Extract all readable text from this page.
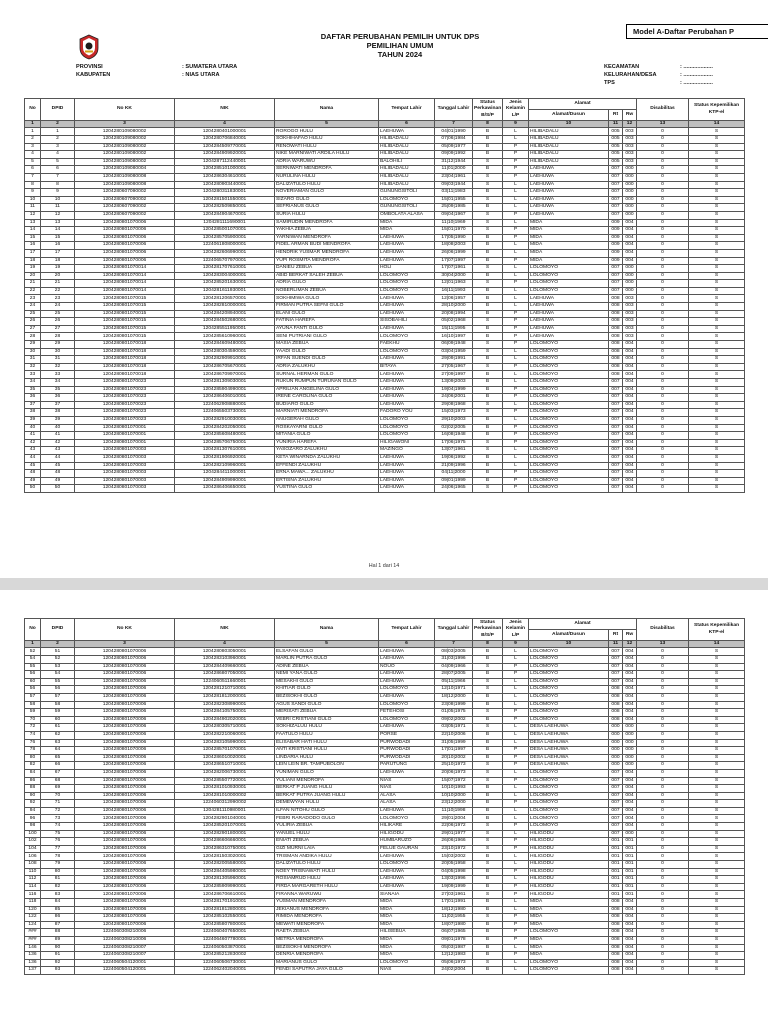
Model A-Daftar Perubahan P
DAFTAR PERUBAHAN PEMILIH UNTUK DPS
PEMILIHAN UMUM
TAHUN 2024
PROVINSI	: SUMATERA UTARA
KABUPATEN	: NIAS UTARA
KECAMATAN	: ...................
KELURAHAN/DESA	: ...................
TPS	: ...................
No	DPID	No KK	NIK	Nama	Tempat Lahir	Tanggal Lahir	Status Perkawinan B/S/P	Jenis Kelamin L/P	Alamat			Disabilitas	Status Kepemilikan KTP-el
									Alamat/Dusun	Rt	Rw		
1	2	3	4	5	6	7	8	9	10	11	12	13	14
1	1	1204280109080002	1204280401000001	ROROGO HULU	LAEHUWA	04|01|1990	B	L	HILIBADALU	005	003	0	S
2	2	1204280109080002	1204280706840001	SOKHIHAFAO HULU	HILIBADALU	07|06|1984	B	L	HILIBADALU	005	003	0	S
3	3	1204280109080002	1204284509770001	RENOWATI HULU	HILIBADALU	05|09|1977	B	P	HILIBADALU	005	003	0	S
4	4	1204280109080002	1204284909920001	NIKE MARNIWATI ARDILA HULU	HILIBADALU	09|09|1992	B	P	HILIBADALU	005	003	0	S
5	5	1204280109080002	1204287112440001	ADRIA WARUWU	BALOHILI	31|12|1944	S	P	HILIBADALU	005	003	0	S
6	6	1204280109080004	1204285101000001	SERNIWATI MENDROFA	HILIBADALU	11|01|2000	B	P	LAEHUWA	007	000	0	S
7	7	1204280109080008	1204286304610001	NURULINA HULU	HILIBADALU	23|04|1961	S	P	LAEHUWA	007	000	0	S
8	8	1204280109080008	1204280903440001	DALIZATULO HULU	HILIBADALU	09|03|1944	S	L	LAEHUWA	007	000	0	S
9	9	1204280607090002	1204280311830001	NOVERIAMAN GULO	GUNUNGSITOLI	03|11|1983	B	L	LAEHUWA	007	000	0	S
10	10	1204280607090002	1204281501550001	SIZARO GULO	LOLOMOYO	15|01|1955	S	L	LAEHUWA	007	000	0	S
11	11	1204280607090002	1204282509850001	SEFRIANUS GULO	GUNUNGSITOLI	25|09|1985	B	L	LAEHUWA	007	000	0	S
12	12	1204280607090002	1204284904670001	SURIA HULU	OMBOLATA ALASA	09|04|1967	S	P	LAEHUWA	007	000	0	S
13	13	1204280801070006	1204281111690001	SAMIRUDIN MENDROFA	MIDA	11|10|1969	S	L	MIDA	009	004	0	S
14	14	1204280801070006	1204285001070001	YAKHIA ZEBUA	MIDA	15|01|1970	S	P	MIDA	009	004	0	S
15	15	1204280801070006	1204285705900001	YARNIWAN MENDROFA	LAEHUWA	17|05|1990	B	P	MIDA	009	004	0	S
16	16	1204280801070006	1224061808000001	FIDEL ARMAN BUDI MENDROFA	LAEHUWA	18|08|2003	B	L	MIDA	009	004	0	S
17	17	1204280801070006	1204282606990001	HENDRIK YUSMAR MENDROFA	LAEHUWA	26|06|1999	B	L	MIDA	009	004	0	S
18	18	1204280801070006	1224065707970001	YUPI ROSMITA MENDROFA	LAEHUWA	17|07|1997	B	P	MIDA	009	004	0	S
19	19	1204280801070014	1204281707610001	DANIEU ZEBUA	HOLI	17|07|1961	S	L	LOLOMOYO	007	000	0	S
20	20	1204280801070014	1204283004000001	ABID BERKAT SALEH ZEBUA	LOLOMOYO	30|04|2000	B	L	LOLOMOYO	007	000	0	S
21	21	1204280801070014	1204285201630001	ADRIA GULO	LOLOMOYO	12|01|1963	S	P	LOLOMOYO	007	000	0	S
22	22	1204280801070014	1204281611930001	NOBERLIMAN ZEBUA	LOLOMOYO	16|11|1993	B	L	LOLOMOYO	007	000	0	S
23	23	1204280801070015	1204281206570001	SOKHIMIWA GULO	LAEHUWA	12|06|1957	B	L	LAEHUWA	008	003	0	S
24	24	1204280801070015	1204282810000001	FIRMAN PUTRA SEFNI GULO	LAEHUWA	28|10|2000	B	L	LAEHUWA	008	003	0	S
25	25	1204280801070015	1204284208940001	ELANI GULO	LAEHUWA	20|08|1994	B	P	LAEHUWA	008	003	0	S
26	26	1204280801070015	1204284502680001	FATINIA HAREFA	SISOBAHILI	05|02|1968	S	P	LAEHUWA	008	003	0	S
27	27	1204280801070015	1204285511950001	AYUNA FANTI GULO	LAEHUWA	15|11|1995	B	P	LAEHUWA	008	003	0	S
28	28	1204280801070015	1204285610960001	SENI PUTRIANI GULO	LOLOMOYO	16|10|1997	B	P	LAEHUWA	008	003	0	S
29	29	1204280801070018	1204284609480001	MASIA ZEBUA	FAEKHU	06|09|1948	S	P	LOLOMOYO	008	004	0	S
30	30	1204280801070018	1204280304590001	YAADI GULO	LOLOMOYO	03|04|1959	S	L	LOLOMOYO	008	004	0	S
31	31	1204280801070018	1204282909910001	IRFAN SUENDI GULO	LAEHUWA	29|09|1991	B	L	LOLOMOYO	008	004	0	S
32	32	1204280801070018	1204286705670001	ADRIA ZALUKHU	BITAYA	27|05|1967	S	P	LOLOMOYO	008	004	0	S
33	33	1204280801070018	1204286709970001	SURNAL HERMAN GULO	LAEHUWA	27|09|1997	B	L	LOLOMOYO	008	004	0	S
34	34	1204280801070023	1204281309030001	RUKUN RUMPUN TURUNAN GULO	LAEHUWA	13|09|2003	B	L	LOLOMOYO	007	004	0	S
35	35	1204280801070023	1204285904990001	APRILIAN ANGELINA GULO	LAEHUWA	19|04|1999	B	P	LOLOMOYO	007	004	0	S
36	36	1204280801070023	1204286406010001	IRENE CAROLINA GULO	LAEHUWA	24|06|2001	B	P	LOLOMOYO	007	004	0	S
37	37	1204280801070023	1224062908880001	BUDIARO GULO	LAEHUWA	29|08|1968	S	L	LOLOMOYO	007	004	0	S
38	38	1204280801070023	1224065503730001	MARNIATI MENDROFA	FADORO YOU	15|03|1973	S	P	LOLOMOYO	007	004	0	S
39	39	1204280801070023	1204282910030001	ANUGERAH GULO	LOLOMOYO	29|10|2003	B	L	LOLOMOYO	007	004	0	S
40	40	1204280801070001	1204284202050001	ROSKAYARNI GULO	LOLOMOYO	02|02|2005	B	P	LOLOMOYO	007	004	0	S
41	41	1204280801070001	1204285608480001	MITANIA GULO	LOLOMOYO	16|08|1948	B	P	LOLOMOYO	007	004	0	S
42	42	1204280801070001	1204285706750001	YUNIRIA HAREFA	HILIGAWONI	17|06|1975	S	P	LOLOMOYO	007	004	0	S
43	43	1204280801070003	1204281307610001	YASOZARO ZALUKHU	MAZINGO	13|07|1961	S	L	LOLOMOYO	007	004	0	S
44	44	1204280801070003	1204281906920001	KETA WINARNDA ZALUKHU	LAEHUWA	19|06|1992	B	L	LOLOMOYO	007	004	0	S
45	45	1204280801070003	1204282109960001	EFFENDI ZALUKHU	LAEHUWA	21|09|1996	B	L	LOLOMOYO	007	004	0	S
48	48	1204280801070003	1204284411000001	ERNA MAWA... ZALUKHU	LAEHUWA	04|11|2000	B	P	LOLOMOYO	007	004	0	S
49	49	1204280801070003	1204284909990001	ERTISNA ZALUKHU	LAEHUWA	09|01|1999	B	P	LOLOMOYO	007	004	0	S
50	50	1204280801070003	1204286406650001	YUSTINA GULO	LAEHUWA	24|06|1965	S	P	LOLOMOYO	007	004	0	S
Hal 1 dari 14
No	DPID	No KK	NIK	Nama	Tempat Lahir	Tanggal Lahir	Status Perkawinan B/S/P	Jenis Kelamin L/P	Alamat			Disabilitas	Status Kepemilikan KTP-el
									Alamat/Dusun	Rt	Rw		
1	2	3	4	5	6	7	8	9	10	11	12	13	14
52	51	1204280801070006	1204280803050001	ELSAFAN GULO	LAEHUWA	08|03|2005	B	L	LOLOMOYO	007	004	0	S
54	52	1204280801070006	1204283103960001	MARLIN PUTRA GULO	LAEHUWA	31|03|1996	B	L	LOLOMOYO	007	004	0	S
55	53	1204280801070006	1204284409660001	ADINE ZEBUA	NOUO	04|09|1966	S	P	LOLOMOYO	007	004	0	S
56	54	1204280801070006	1204286807050001	NEMI YANA GULO	LAEHUWA	28|07|2005	B	P	LOLOMOYO	007	004	0	S
60	55	1204280801070006	1224060511660001	MESAKHI GULO	LAEHUWA	05|11|1966	S	L	LOLOMOYO	007	004	0	S
56	56	1204280801070006	1204281210710001	KHITIAR GULO	LOLOMOYO	12|10|1971	S	L	LOLOMOYO	008	004	0	S
57	57	1204280801070006	1204281812000001	BEZISOKHI GULO	LAEHUWA	18|12|2000	B	L	LOLOMOYO	008	004	0	S
58	58	1204280801070006	1204282308990001	AGUS SANDI GULO	LOLOMOYO	23|08|1999	B	L	LOLOMOYO	008	004	0	S
59	59	1204280801070006	1204284105750001	MERISATI ZEBUA	FETEHOSI	01|05|1975	S	P	LOLOMOYO	008	004	0	S
70	60	1204280801070006	1204284902020001	VEBRI CRISTIANI GULO	LOLOMOYO	09|02|2002	B	P	LOLOMOYO	008	004	0	S
72	61	1204280801070006	1204280305710001	SOKHIZALUU HULU	LAEHUWA	03|05|1971	S	L	DESA LAEHUWA	000	000	0	S
74	62	1204280801070006	1204282210060001	FAATULO HULU	PORSE	22|10|2006	B	L	DESA LAEHUWA	000	000	0	S
76	63	1204280801070006	1204283105990001	ELISABAR HATI HULU	PURWODADI	31|05|1999	B	L	DESA LAEHUWA	000	000	0	S
78	64	1204280801070006	1204285701070001	ANTI KRISTIANI HULU	PURWODADI	17|01|1997	B	P	DESA LAEHUWA	000	000	0	S
80	65	1204280801070006	1204286010020001	LINDARIA HULU	PURWODADI	20|10|2002	B	P	DESA LAEHUWA	000	000	0	S
82	66	1204280801070006	1204286510710001	LEIN LEIN BR. TAMPUBOLON	PARUTUNG	25|10|1973	S	P	DESA LAEHUWA	000	000	0	S
84	67	1204280801070006	1204282006730001	YUNIMAN GULO	LAEHUWA	20|06|1973	S	L	LOLOMOYO	007	004	0	S
86	68	1204280801070006	1204285507720001	YULIANI MENDROFA	NIAS	15|07|1972	S	P	LOLOMOYO	007	004	0	S
88	69	1204280801070006	1204281010930001	BERKAT P JUANG HULU	NIAS	10|10|1993	B	L	LOLOMOYO	007	004	0	S
90	70	1204280801070006	1204281010000002	BERKAT PUTRA JUANG HULU	ALASA	10|10|2000	B	L	LOLOMOYO	007	004	0	S
92	71	1204280801070006	1224060312990002	DEMEWYAN HULU	ALASA	23|12|2000	B	P	LOLOMOYO	007	004	0	S
94	72	1204280801070006	1204281110980001	ILFAN NITOHU GULO	LAEHUWA	11|10|1998	B	L	LOLOMOYO	007	004	0	S
96	73	1204280801070006	1204282901040001	FEBRI RARADODO GULO	LOLOMOYO	29|01|2004	B	L	LOLOMOYO	007	004	0	S
98	74	1204280801070006	1204285201070001	YULIRIA ZEBUA	HILIKARE	22|06|1972	S	P	LOLOMOYO	007	004	0	S
100	75	1204280801070006	1204282901800001	YANUEL HULU	HILIGODU	29|01|1977	S	L	HILIGODU	007	000	0	S
102	76	1204280801070006	1204286606660001	ENIATI ZEBUA	HUMBARUZO	26|06|1966	S	P	HILIGODU	001	001	0	S
104	77	1204280801070006	1204286310750001	GIZI MURNI LAIA	FELUE GAURAN	23|10|1972	S	P	HILIGODU	001	001	0	S
106	78	1204280801070006	1204281503020001	TRISMAN ANDIKA HULU	LAEHUWA	15|03|2002	B	L	HILIGODU	001	001	0	S
108	79	1204280801070006	1204282005580001	DALIZATULO HULU	LOLOMOYO	20|05|1958	S	L	HILIGODU	001	001	0	S
110	80	1204280801070006	1204284405980001	NOEY TRISNAWATI HULU	LAEHUWA	04|05|1998	B	P	HILIGODU	001	001	0	S
112	81	1204280801070006	1204281305960001	ROSIAMRUD HULU	LAEHUWA	13|03|1996	B	L	HILIGODU	001	001	0	S
114	82	1204280801070006	1204285909990001	FIRDA MARGARETH HULU	LAEHUWA	19|09|1999	B	P	HILIGODU	001	001	0	S
116	83	1204280801070006	1204286706610001	FIRANNA WARUWU	SIANAIA	27|03|1961	S	P	HILIGODU	001	001	0	S
118	84	1204280801070006	1204281701910001	YUSMAN MENDROFA	MIDA	17|01|1991	B	L	MIDA	008	004	0	S
120	85	1204280801070006	1204281812800001	JEKIANUS MENDROFA	MIDA	18|12|1980	B	L	MIDA	008	004	0	S
122	86	1204280801070006	1204285102550001	RIMIDA MENDROFA	MIDA	11|02|1955	S	P	MIDA	008	004	0	S
124	87	1204280801070006	1204285807800001	MEWATI MENDROFA	MIDA	18|07|1980	B	P	MIDA	008	004	0	S
###	88	1224060308210006	1224060407650001	RAETA ZEBUA	HILISEBUA	06|07|1965	B	P	LOLOMOYO	008	004	0	S
###	89	1224060308210006	1224064607780001	METRIA MENDROFA	MIDA	09|01|1978	B	P	MIDA	008	004	0	S
146	90	1224060308210007	1224060503870001	BEZISOKHI MENDROFA	MIDA	05|03|1987	B	L	MIDA	008	004	0	S
136	91	1224060308210007	1204285212830002	DENRIA MENDROFA	MIDA	12|12|1983	B	P	MIDA	008	004	0	S
136	92	1224060504120001	1224060506730001	MARIANUS GULO	LOLOMOYO	05|06|1973	S	L	LOLOMOYO	008	004	0	S
137	93	1224060504120001	1224062402040001	FENDI SAPUTRA JAYA GULO	NIAS	24|02|2004	B	L	LOLOMOYO	008	004	0	S
